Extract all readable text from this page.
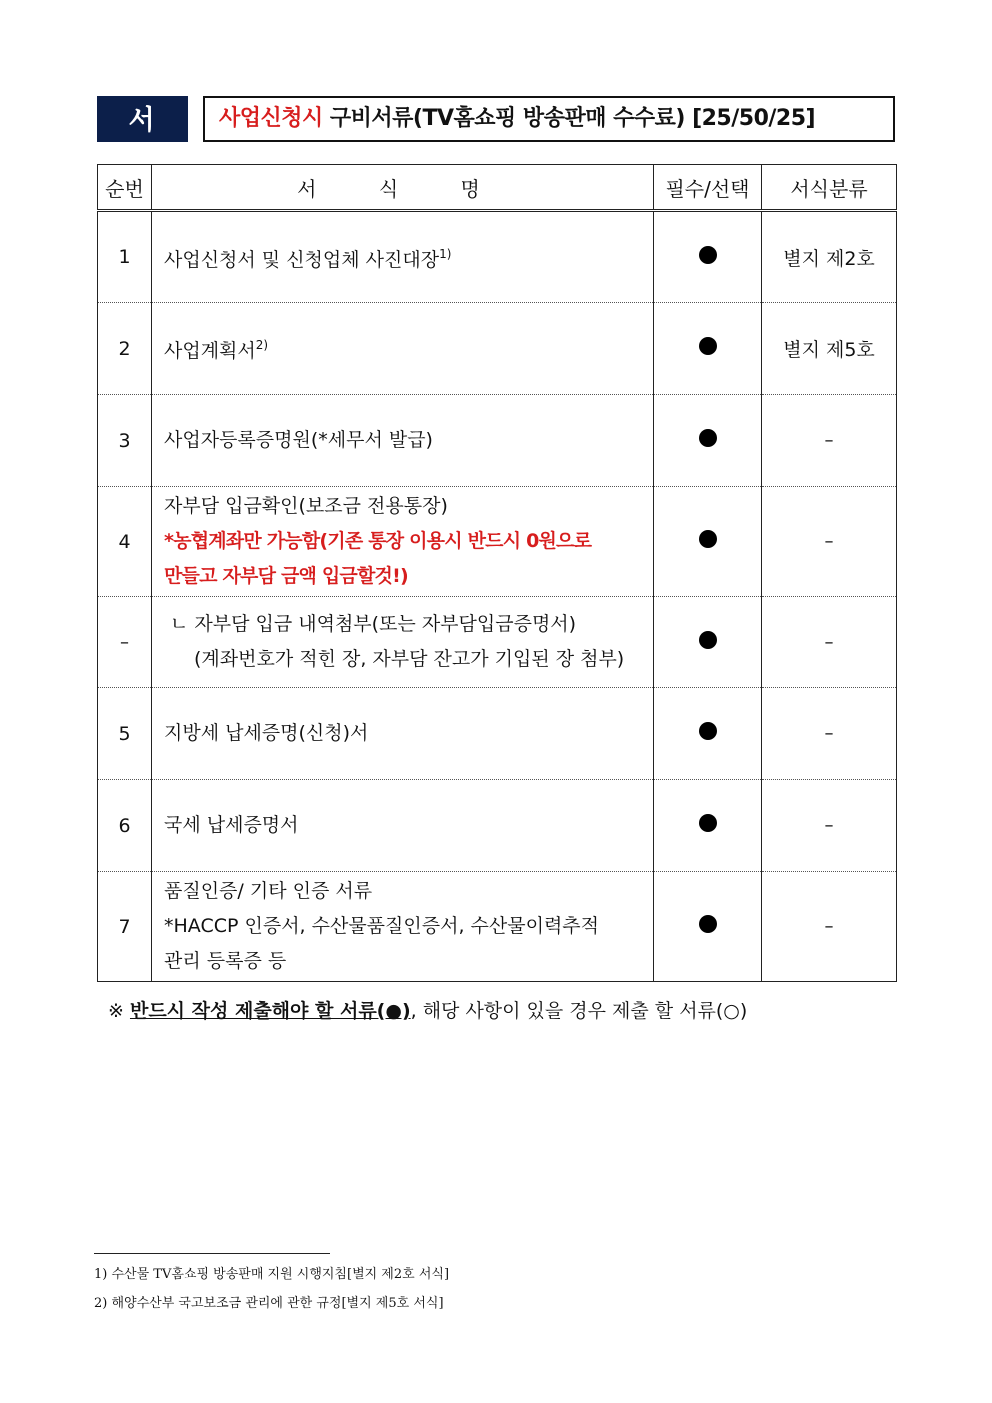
서 식
사업신청시 구비서류(TV홈쇼핑 방송판매 수수료) [25/50/25]
순번	서 식 명	필수/선택	서식분류
1	사업신청서 및 신청업체 사진대장$^{1)}$		별지 제2호
2	사업계획서$^{2)}$		별지 제5호
3	사업자등록증명원(*세무서 발급)		–
4	자부담 입금확인(보조금 전용통장)
*농협계좌만 가능함(기존 통장 이용시 반드시 0원으로
만들고 자부담 금액 입금할것!)		–
–	ㄴ 자부담 입금 내역첨부(또는 자부담입금증명서)
(계좌번호가 적힌 장, 자부담 잔고가 기입된 장 첨부)		–
5	지방세 납세증명(신청)서		–
6	국세 납세증명서		–
7	품질인증/ 기타 인증 서류
*HACCP 인증서, 수산물품질인증서, 수산물이력추적
관리 등록증 등		–
※ 반드시 작성 제출해야 할 서류(●), 해당 사항이 있을 경우 제출 할 서류(○)
1) 수산물 TV홈쇼핑 방송판매 지원 시행지침[별지 제2호 서식]
2) 해양수산부 국고보조금 관리에 관한 규정[별지 제5호 서식]
